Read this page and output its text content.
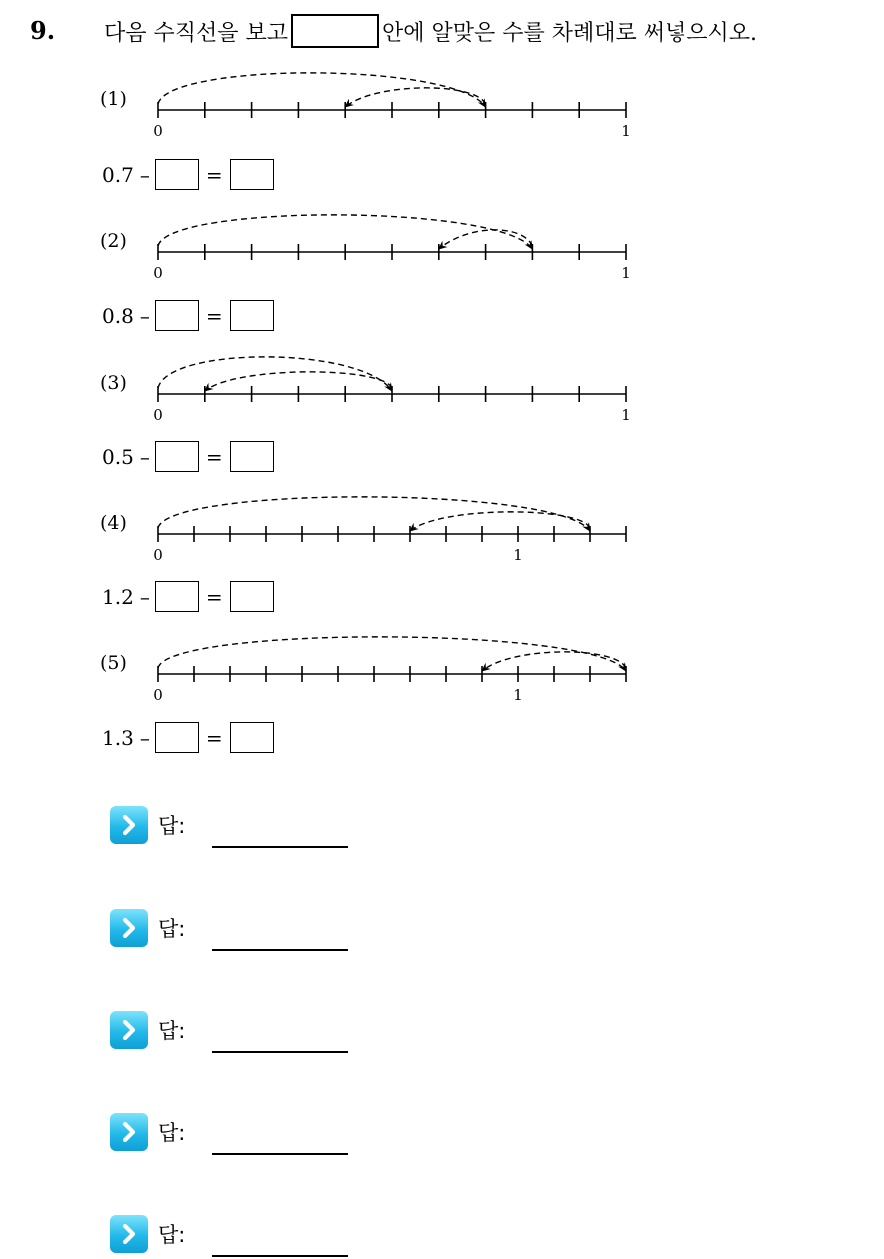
9. 다음 수직선을 보고	안에 알맞은 수를 차례대로 써넣으시오.
(1)
0	1
0.7 –	=
(2)
0	1
0.8 –	=
(3)
0	1
0.5 –	=
(4)
0	1
1.2 –	=
(5)
0	1
1.3 –	=
답:
답:
답:
답:
답:
